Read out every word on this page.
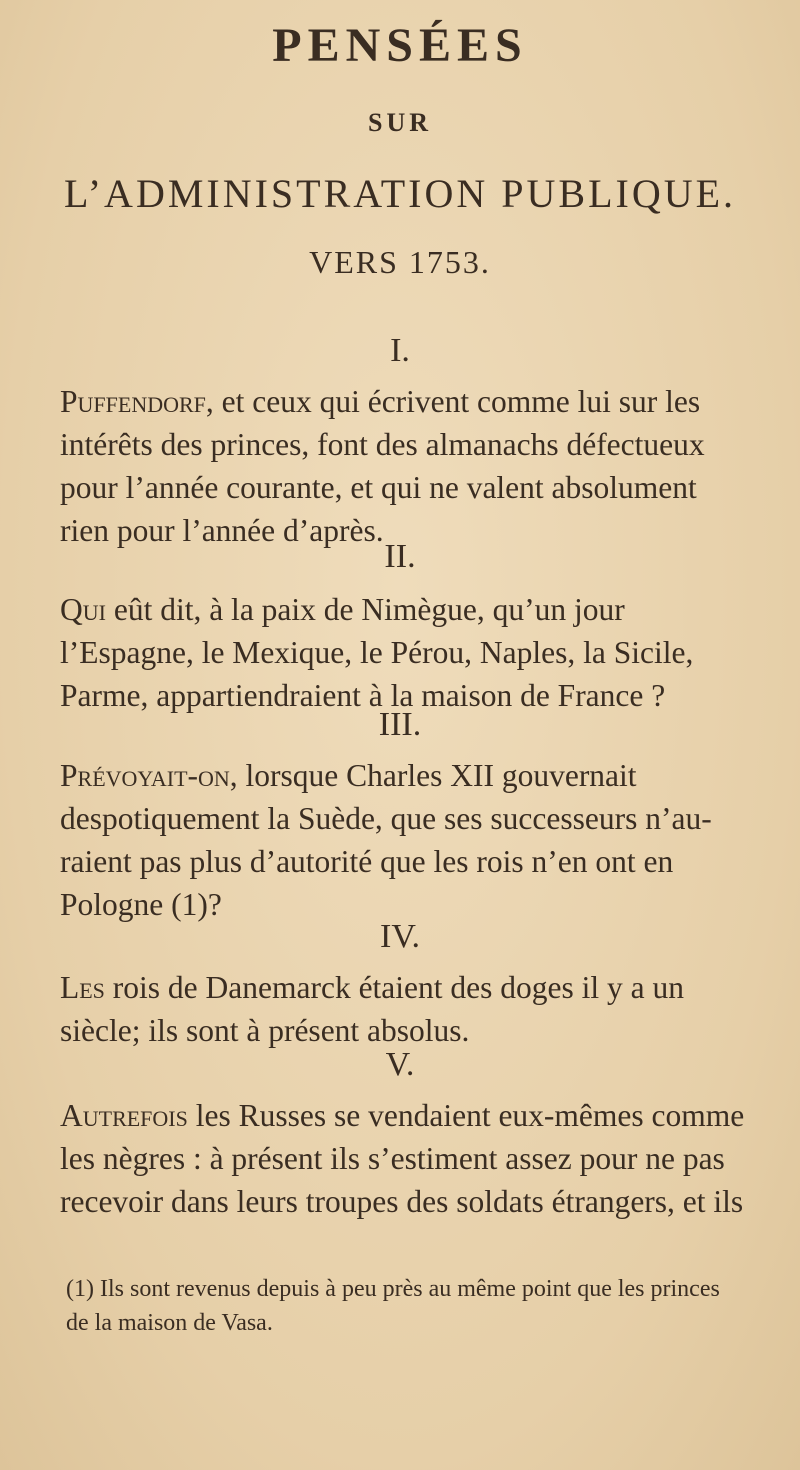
PENSÉES
SUR
L’ADMINISTRATION PUBLIQUE.
VERS 1753.
I.
Puffendorf, et ceux qui écrivent comme lui sur les
intérêts des princes, font des almanachs défectueux
pour l’année courante, et qui ne valent absolument
rien pour l’année d’après.
II.
Qui eût dit, à la paix de Nimègue, qu’un jour
l’Espagne, le Mexique, le Pérou, Naples, la Sicile,
Parme, appartiendraient à la maison de France ?
III.
Prévoyait-on, lorsque Charles XII gouvernait
despotiquement la Suède, que ses successeurs n’au-
raient pas plus d’autorité que les rois n’en ont en
Pologne (1)?
IV.
Les rois de Danemarck étaient des doges il y a un
siècle; ils sont à présent absolus.
V.
Autrefois les Russes se vendaient eux-mêmes comme
les nègres : à présent ils s’estiment assez pour ne pas
recevoir dans leurs troupes des soldats étrangers, et ils
(1) Ils sont revenus depuis à peu près au même point que les princes
de la maison de Vasa.
